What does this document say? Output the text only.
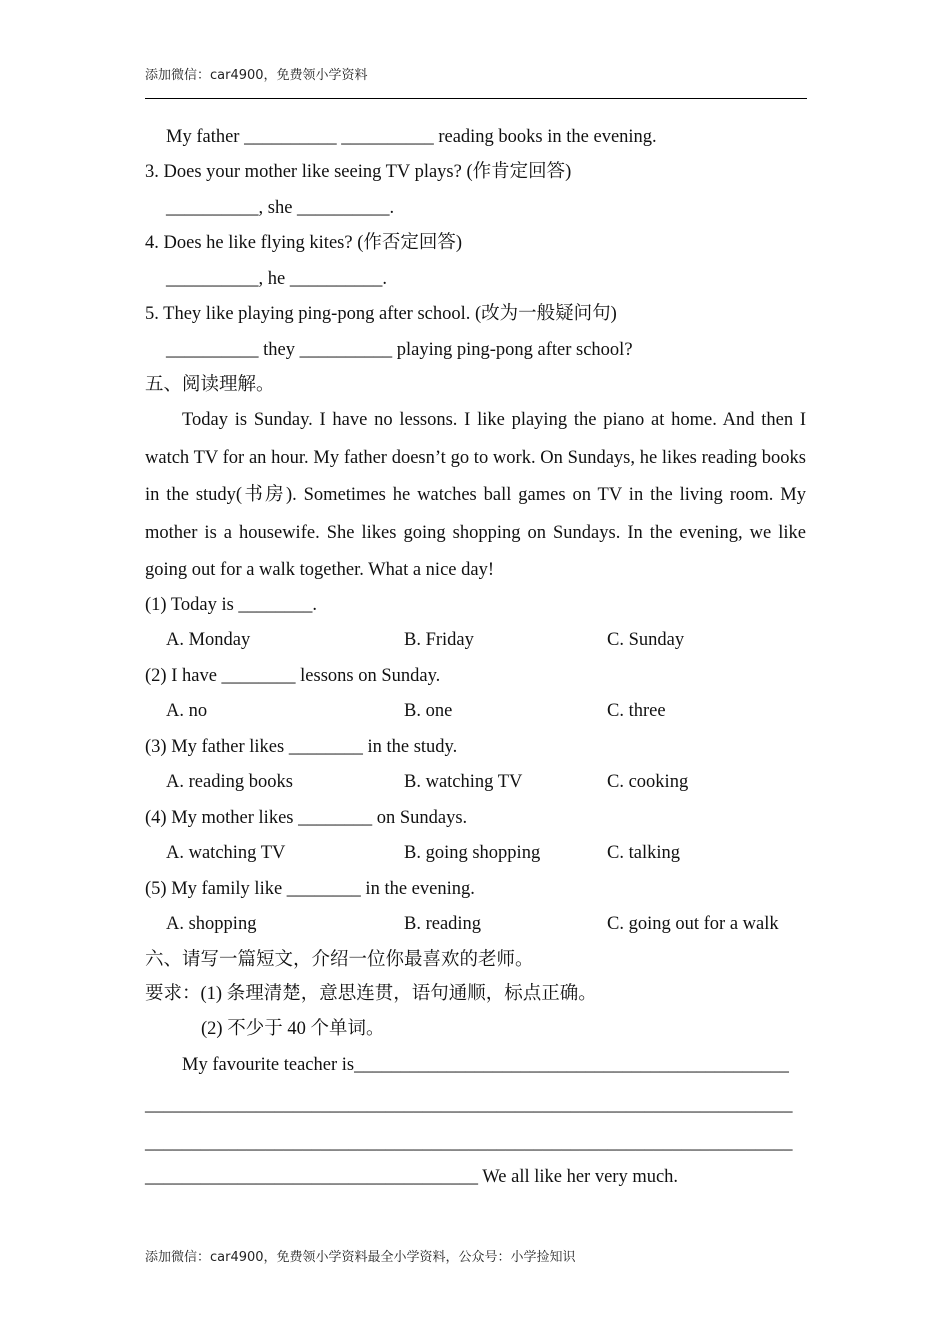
添加微信：car4900，免费领小学资料
My father __________ __________ reading books in the evening.
3. Does your mother like seeing TV plays? (作肯定回答)
__________, she __________.
4. Does he like flying kites? (作否定回答)
__________, he __________.
5. They like playing ping-pong after school. (改为一般疑问句)
__________ they __________ playing ping-pong after school?
五、阅读理解。
Today is Sunday. I have no lessons. I like playing the piano at home. And then I watch TV for an hour. My father doesn’t go to work. On Sundays, he likes reading books in the study(书房). Sometimes he watches ball games on TV in the living room. My mother is a housewife. She likes going shopping on Sundays. In the evening, we like going out for a walk together. What a nice day!
(1) Today is ________.
A. Monday	B. Friday	C. Sunday
(2) I have ________ lessons on Sunday.
A. no	B. one	C. three
(3) My father likes ________ in the study.
A. reading books	B. watching TV	C. cooking
(4) My mother likes ________ on Sundays.
A. watching TV	B. going shopping	C. talking
(5) My family like ________ in the evening.
A. shopping	B. reading	C. going out for a walk
六、请写一篇短文，介绍一位你最喜欢的老师。
要求：(1) 条理清楚，意思连贯，语句通顺，标点正确。
(2) 不少于 40 个单词。
My favourite teacher is_______________________________________________
______________________________________________________________________
______________________________________________________________________
____________________________________ We all like her very much.
添加微信：car4900，免费领小学资料最全小学资料，公众号：小学捡知识
